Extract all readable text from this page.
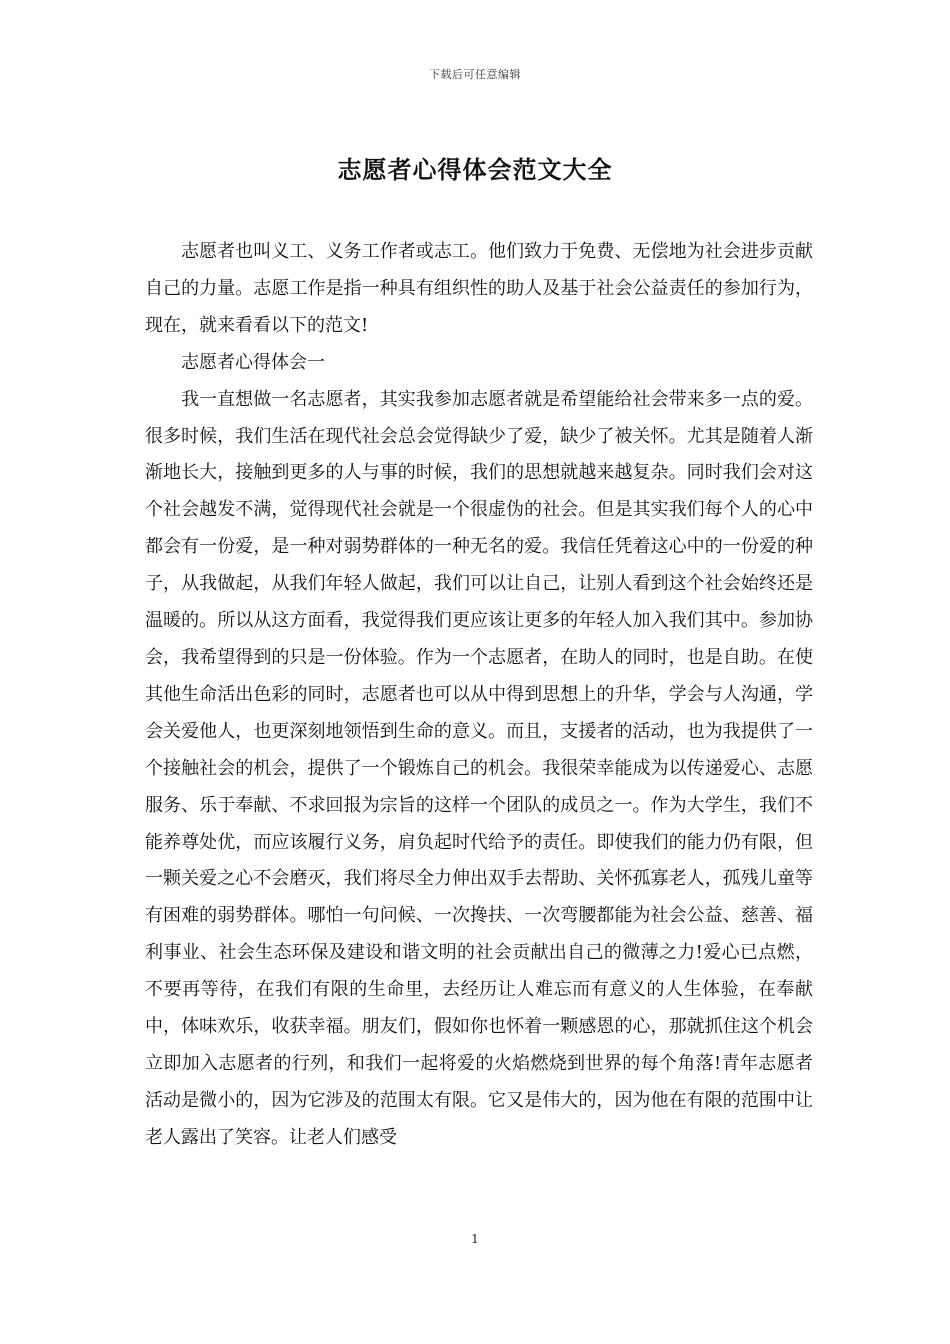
下载后可任意编辑
志愿者心得体会范文大全

志愿者也叫义工、义务工作者或志工。他们致力于免费、无偿地为社会进步贡献自己的力量。志愿工作是指一种具有组织性的助人及基于社会公益责任的参加行为，现在，就来看看以下的范文!

志愿者心得体会一

我一直想做一名志愿者，其实我参加志愿者就是希望能给社会带来多一点的爱。很多时候，我们生活在现代社会总会觉得缺少了爱，缺少了被关怀。尤其是随着人渐渐地长大，接触到更多的人与事的时候，我们的思想就越来越复杂。同时我们会对这个社会越发不满，觉得现代社会就是一个很虚伪的社会。但是其实我们每个人的心中都会有一份爱，是一种对弱势群体的一种无名的爱。我信任凭着这心中的一份爱的种子，从我做起，从我们年轻人做起，我们可以让自己，让别人看到这个社会始终还是温暖的。所以从这方面看，我觉得我们更应该让更多的年轻人加入我们其中。参加协会，我希望得到的只是一份体验。作为一个志愿者，在助人的同时，也是自助。在使其他生命活出色彩的同时，志愿者也可以从中得到思想上的升华，学会与人沟通，学会关爱他人，也更深刻地领悟到生命的意义。而且，支援者的活动，也为我提供了一个接触社会的机会，提供了一个锻炼自己的机会。我很荣幸能成为以传递爱心、志愿服务、乐于奉献、不求回报为宗旨的这样一个团队的成员之一。作为大学生，我们不能养尊处优，而应该履行义务，肩负起时代给予的责任。即使我们的能力仍有限，但一颗关爱之心不会磨灭，我们将尽全力伸出双手去帮助、关怀孤寡老人，孤残儿童等有困难的弱势群体。哪怕一句问候、一次搀扶、一次弯腰都能为社会公益、慈善、福利事业、社会生态环保及建设和谐文明的社会贡献出自己的微薄之力!爱心已点燃，不要再等待，在我们有限的生命里，去经历让人难忘而有意义的人生体验，在奉献中，体味欢乐，收获幸福。朋友们，假如你也怀着一颗感恩的心，那就抓住这个机会立即加入志愿者的行列，和我们一起将爱的火焰燃烧到世界的每个角落!青年志愿者活动是微小的，因为它涉及的范围太有限。它又是伟大的，因为他在有限的范围中让老人露出了笑容。让老人们感受

1
